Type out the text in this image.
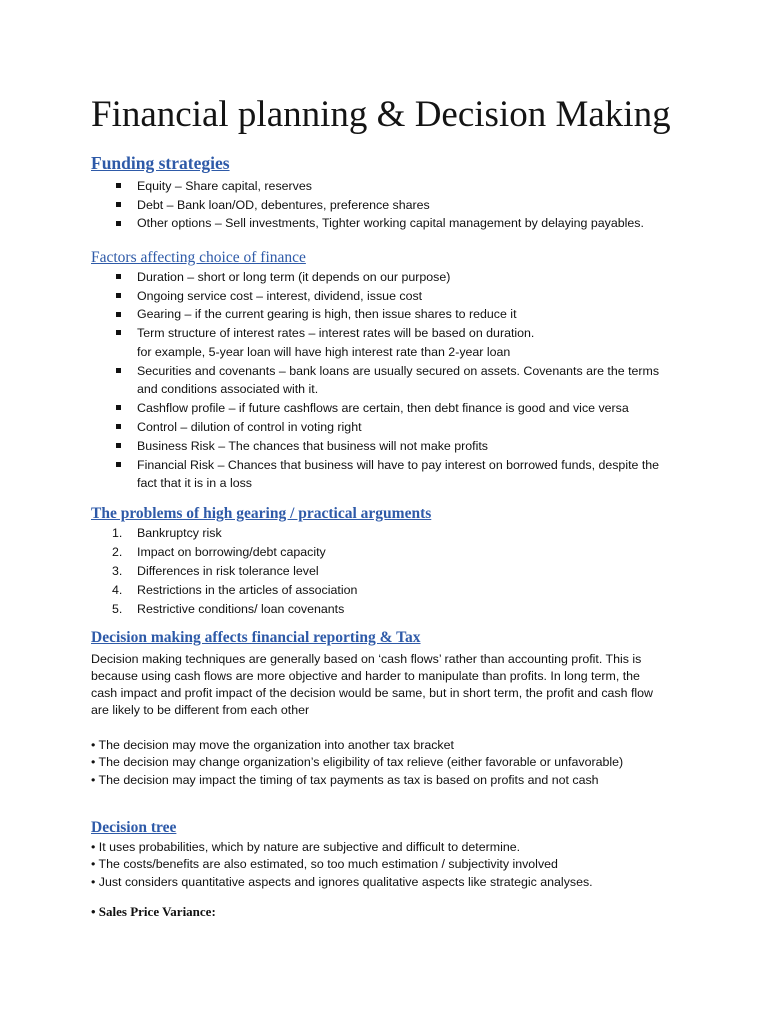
Financial planning & Decision Making
Funding strategies
Equity – Share capital, reserves
Debt – Bank loan/OD, debentures, preference shares
Other options – Sell investments, Tighter working capital management by delaying payables.
Factors affecting choice of finance
Duration – short or long term (it depends on our purpose)
Ongoing service cost – interest, dividend, issue cost
Gearing – if the current gearing is high, then issue shares to reduce it
Term structure of interest rates – interest rates will be based on duration.
for example, 5-year loan will have high interest rate than 2-year loan
Securities and covenants – bank loans are usually secured on assets. Covenants are the terms
and conditions associated with it.
Cashflow profile – if future cashflows are certain, then debt finance is good and vice versa
Control – dilution of control in voting right
Business Risk – The chances that business will not make profits
Financial Risk – Chances that business will have to pay interest on borrowed funds, despite the
fact that it is in a loss
The problems of high gearing / practical arguments
1. Bankruptcy risk
2. Impact on borrowing/debt capacity
3. Differences in risk tolerance level
4. Restrictions in the articles of association
5. Restrictive conditions/ loan covenants
Decision making affects financial reporting & Tax
Decision making techniques are generally based on ‘cash flows’ rather than accounting profit. This is
because using cash flows are more objective and harder to manipulate than profits. In long term, the
cash impact and profit impact of the decision would be same, but in short term, the profit and cash flow
are likely to be different from each other
• The decision may move the organization into another tax bracket
• The decision may change organization’s eligibility of tax relieve (either favorable or unfavorable)
• The decision may impact the timing of tax payments as tax is based on profits and not cash
Decision tree
• It uses probabilities, which by nature are subjective and difficult to determine.
• The costs/benefits are also estimated, so too much estimation / subjectivity involved
• Just considers quantitative aspects and ignores qualitative aspects like strategic analyses.
• Sales Price Variance:
